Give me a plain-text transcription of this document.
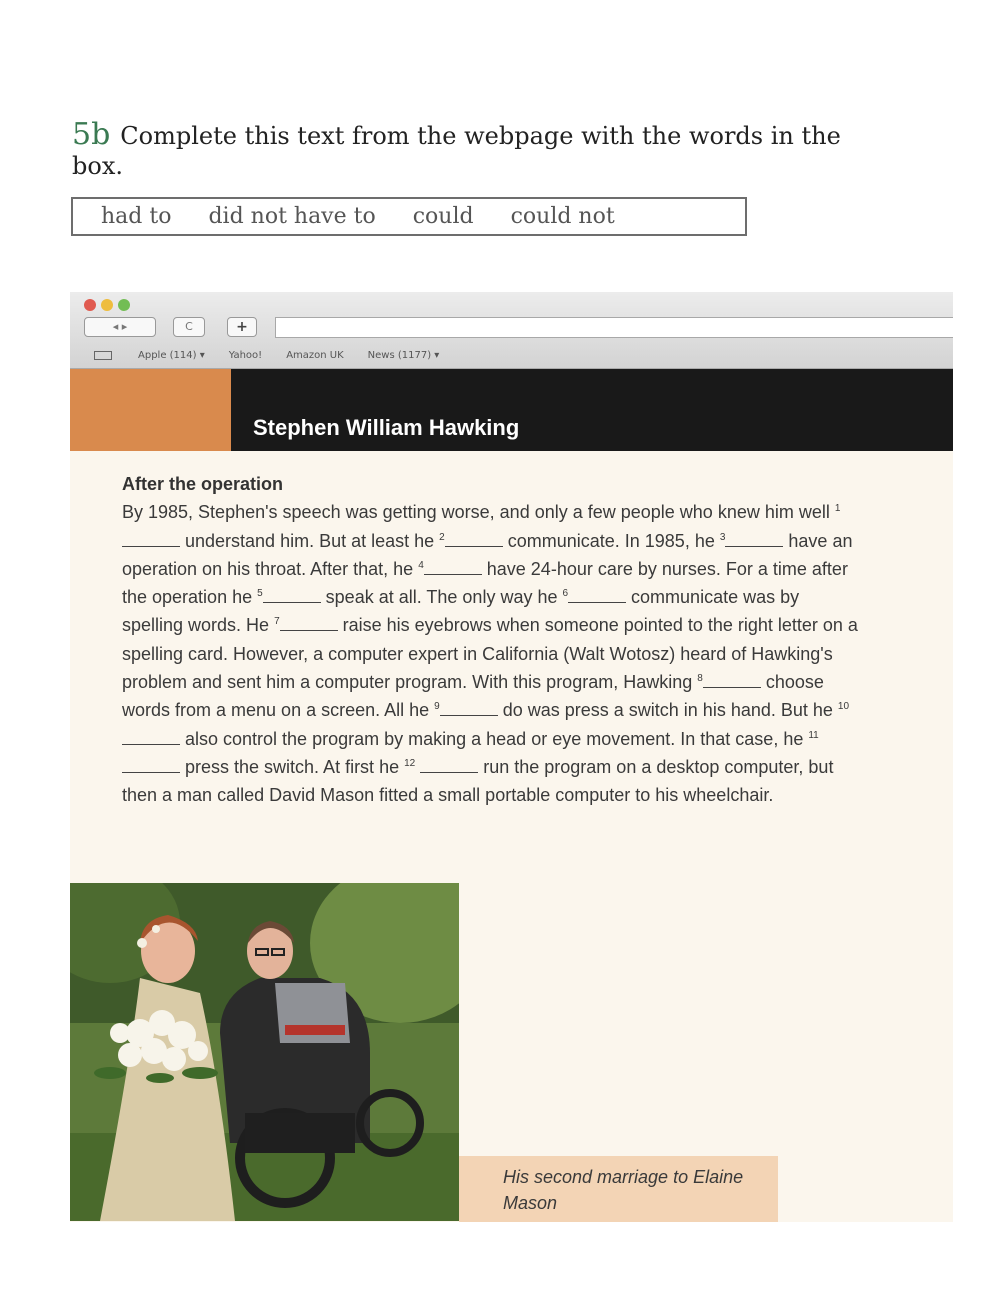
5b Complete this text from the webpage with the words in the box.
had to did not have to could could not
◂ ▸	C	+
Apple (114) ▾ Yahoo! Amazon UK News (1177) ▾
Stephen William Hawking

After the operation

By 1985, Stephen's speech was getting worse, and only a few people who knew him well $^1$  understand him. But at least he $^2$	communicate. In 1985, he $^3$	have an operation on his throat. After that, he $^4$	have 24-hour care by nurses. For a time after the operation he $^5$	speak at all. The only way he $^6$	communicate was by spelling words. He $^7$	raise his eyebrows when someone pointed to the right letter on a spelling card. However, a computer expert in California (Walt Wotosz) heard of Hawking's problem and sent him a computer program. With this program, Hawking $^8$	choose words from a menu on a screen. All he $^9$	do was press a switch in his hand. But he $^{10}$ also control the program by making a head or eye movement. In that case, he $^{11}$  press the switch. At first he $^{12}$	run the program on a desktop computer, but then a man called David Mason fitted a small portable computer to his wheelchair.

His second marriage to Elaine Mason
